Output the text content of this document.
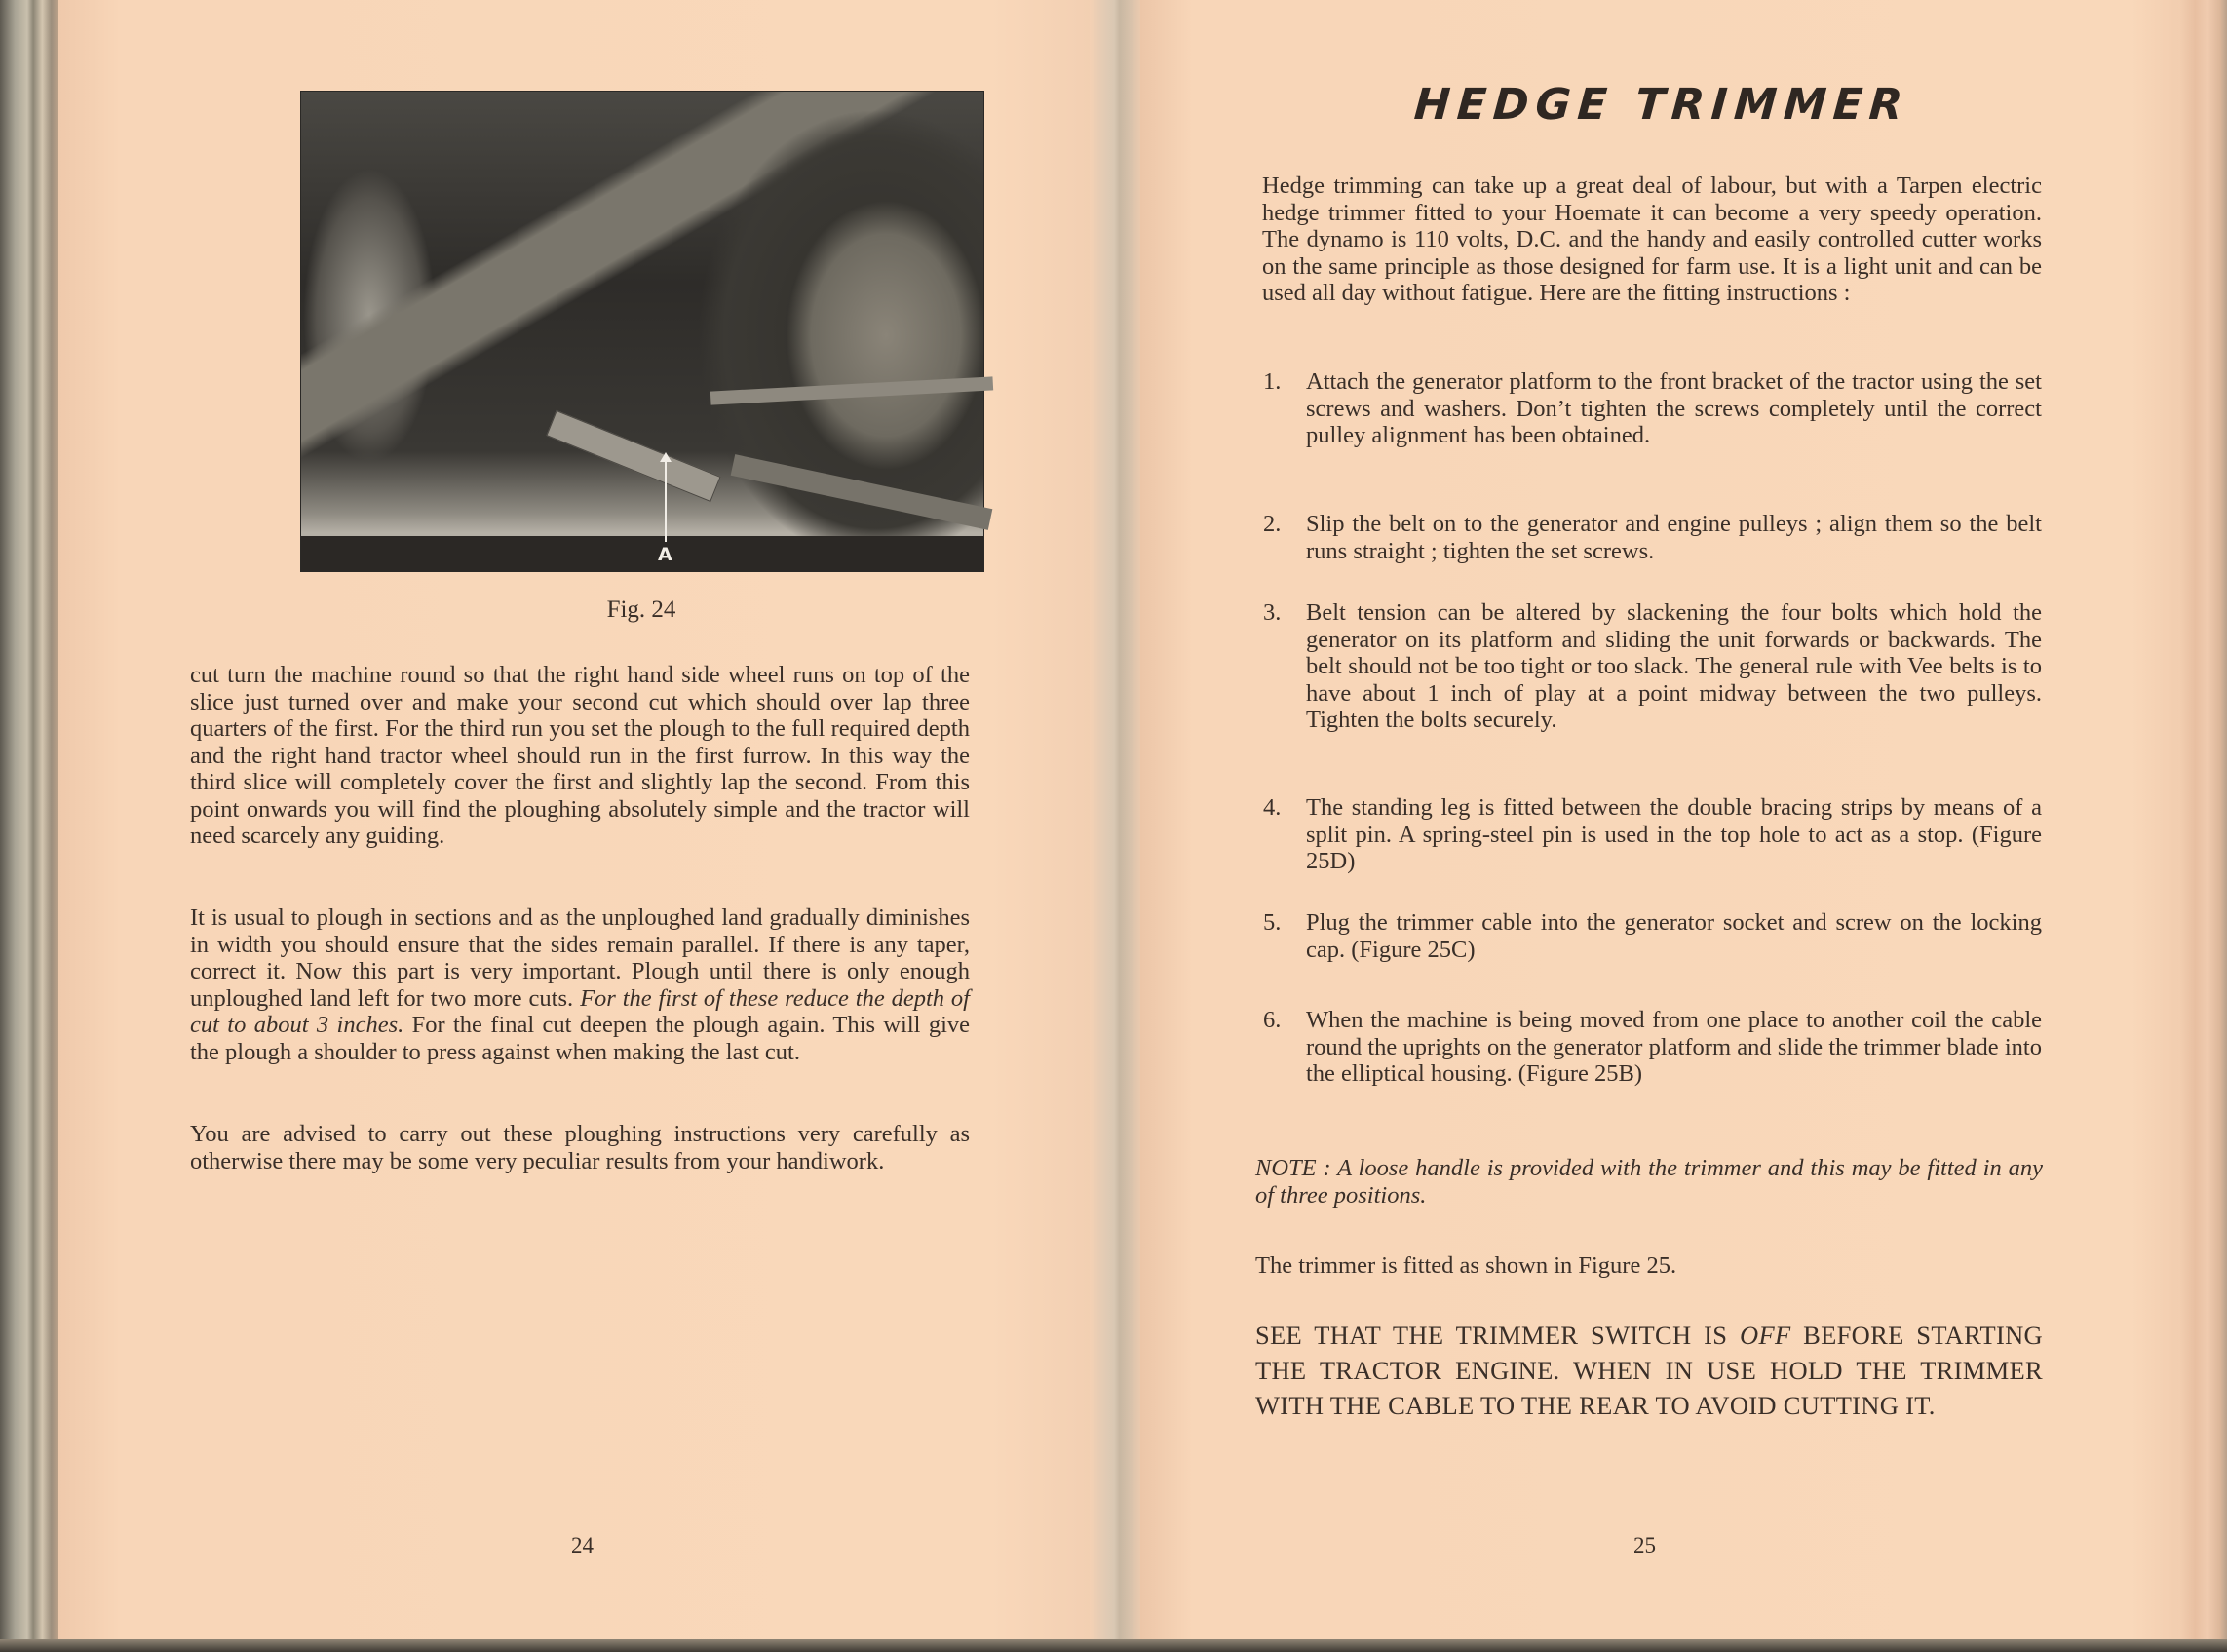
A
Fig. 24

cut turn the machine round so that the right hand side wheel runs on top of the slice just turned over and make your second cut which should over lap three quarters of the first. For the third run you set the plough to the full required depth and the right hand tractor wheel should run in the first furrow. In this way the third slice will completely cover the first and slightly lap the second. From this point onwards you will find the ploughing absolutely simple and the tractor will need scarcely any guiding.

It is usual to plough in sections and as the unploughed land gradually diminishes in width you should ensure that the sides remain parallel. If there is any taper, correct it. Now this part is very important. Plough until there is only enough unploughed land left for two more cuts. For the first of these reduce the depth of cut to about 3 inches. For the final cut deepen the plough again. This will give the plough a shoulder to press against when making the last cut.

You are advised to carry out these ploughing instructions very carefully as otherwise there may be some very peculiar results from your handiwork.

24
HEDGE TRIMMER

Hedge trimming can take up a great deal of labour, but with a Tarpen electric hedge trimmer fitted to your Hoemate it can become a very speedy operation. The dynamo is 110 volts, D.C. and the handy and easily controlled cutter works on the same principle as those designed for farm use. It is a light unit and can be used all day without fatigue. Here are the fitting instructions :

1. Attach the generator platform to the front bracket of the tractor using the set screws and washers. Don’t tighten the screws completely until the correct pulley alignment has been obtained.
2. Slip the belt on to the generator and engine pulleys ; align them so the belt runs straight ; tighten the set screws.
3. Belt tension can be altered by slackening the four bolts which hold the generator on its platform and sliding the unit forwards or backwards. The belt should not be too tight or too slack. The general rule with Vee belts is to have about 1 inch of play at a point midway between the two pulleys. Tighten the bolts securely.
4. The standing leg is fitted between the double bracing strips by means of a split pin. A spring-steel pin is used in the top hole to act as a stop. (Figure 25D)
5. Plug the trimmer cable into the generator socket and screw on the locking cap. (Figure 25C)
6. When the machine is being moved from one place to another coil the cable round the uprights on the generator platform and slide the trimmer blade into the elliptical housing. (Figure 25B)

NOTE : A loose handle is provided with the trimmer and this may be fitted in any of three positions.

The trimmer is fitted as shown in Figure 25.

SEE THAT THE TRIMMER SWITCH IS OFF BEFORE STARTING THE TRACTOR ENGINE. WHEN IN USE HOLD THE TRIMMER WITH THE CABLE TO THE REAR TO AVOID CUTTING IT.

25
